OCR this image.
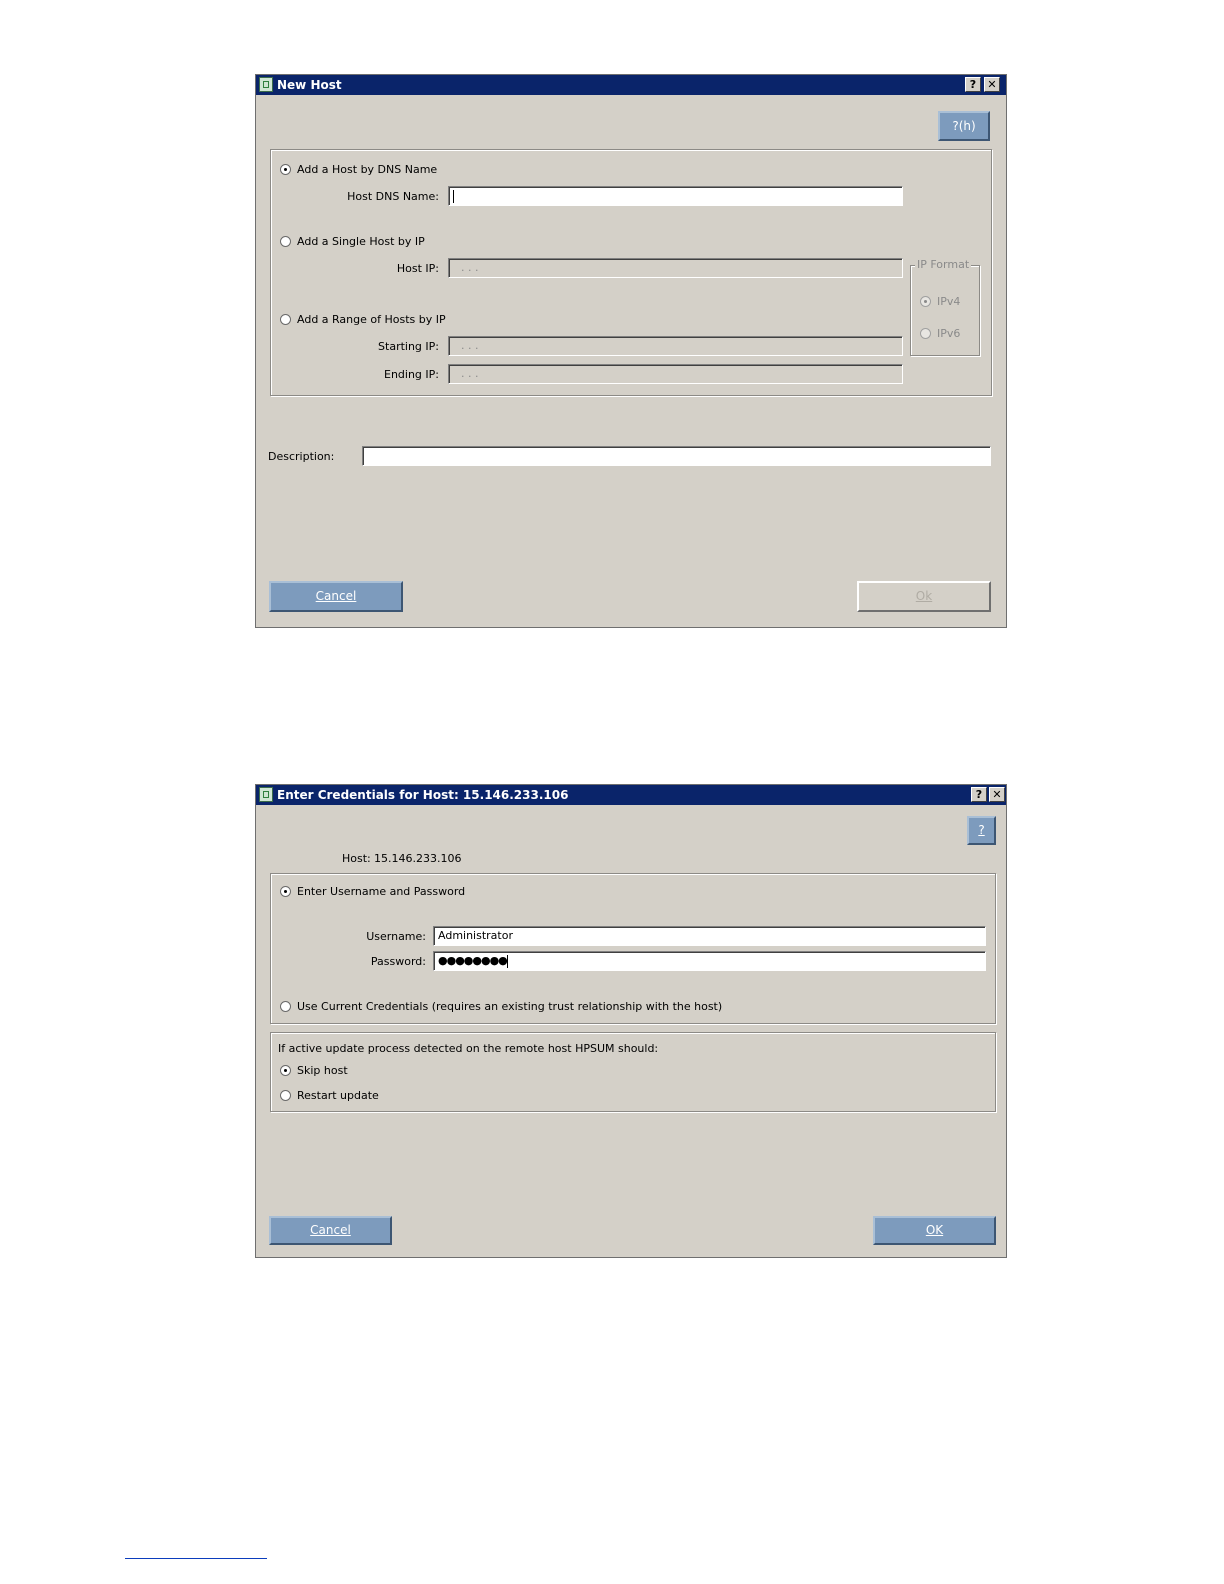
New Host	?	✕
?(h)
Add a Host by DNS Name
Host DNS Name:
Add a Single Host by IP
Host IP:	. . .
Add a Range of Hosts by IP
Starting IP:	. . .
Ending IP:	. . .
IP Format
IPv4
IPv6
Description:
Cancel	Ok
Enter Credentials for Host: 15.146.233.106	? ✕
?
Host: 15.146.233.106
Enter Username and Password
Username:	Administrator
Password:	●●●●●●●●
Use Current Credentials (requires an existing trust relationship with the host)
If active update process detected on the remote host HPSUM should:
Skip host
Restart update
Cancel	OK
